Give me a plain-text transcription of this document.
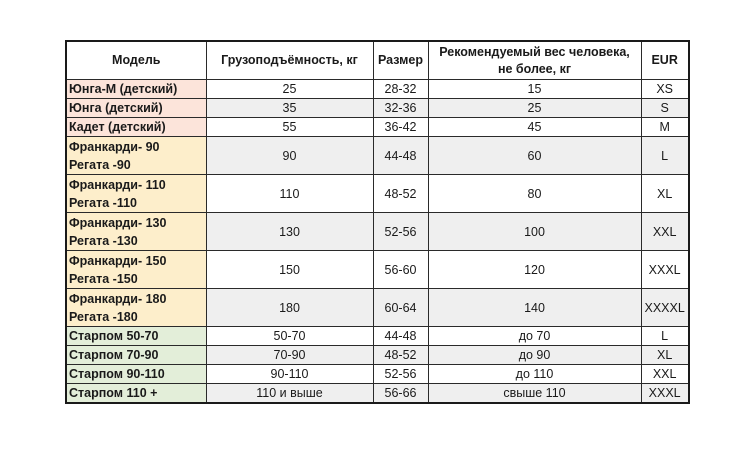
Модель	Грузоподъёмность, кг	Размер	Рекомендуемый вес человека,
не более, кг	EUR

Юнга-М (детский)	25	28-32	15	XS

Юнга (детский)	35	32-36	25	S

Кадет (детский)	55	36-42	45	M

Франкарди- 90
Регата -90	90	44-48	60	L

Франкарди- 110
Регата -110	110	48-52	80	XL

Франкарди- 130
Регата -130	130	52-56	100	XXL

Франкарди- 150
Регата -150	150	56-60	120	XXXL

Франкарди- 180
Регата -180	180	60-64	140	XXXXL

Старпом 50-70	50-70	44-48	до 70	L

Старпом 70-90	70-90	48-52	до 90	XL

Старпом 90-110	90-110	52-56	до 110	XXL

Старпом 110 +	110 и выше	56-66	свыше 110	XXXL
